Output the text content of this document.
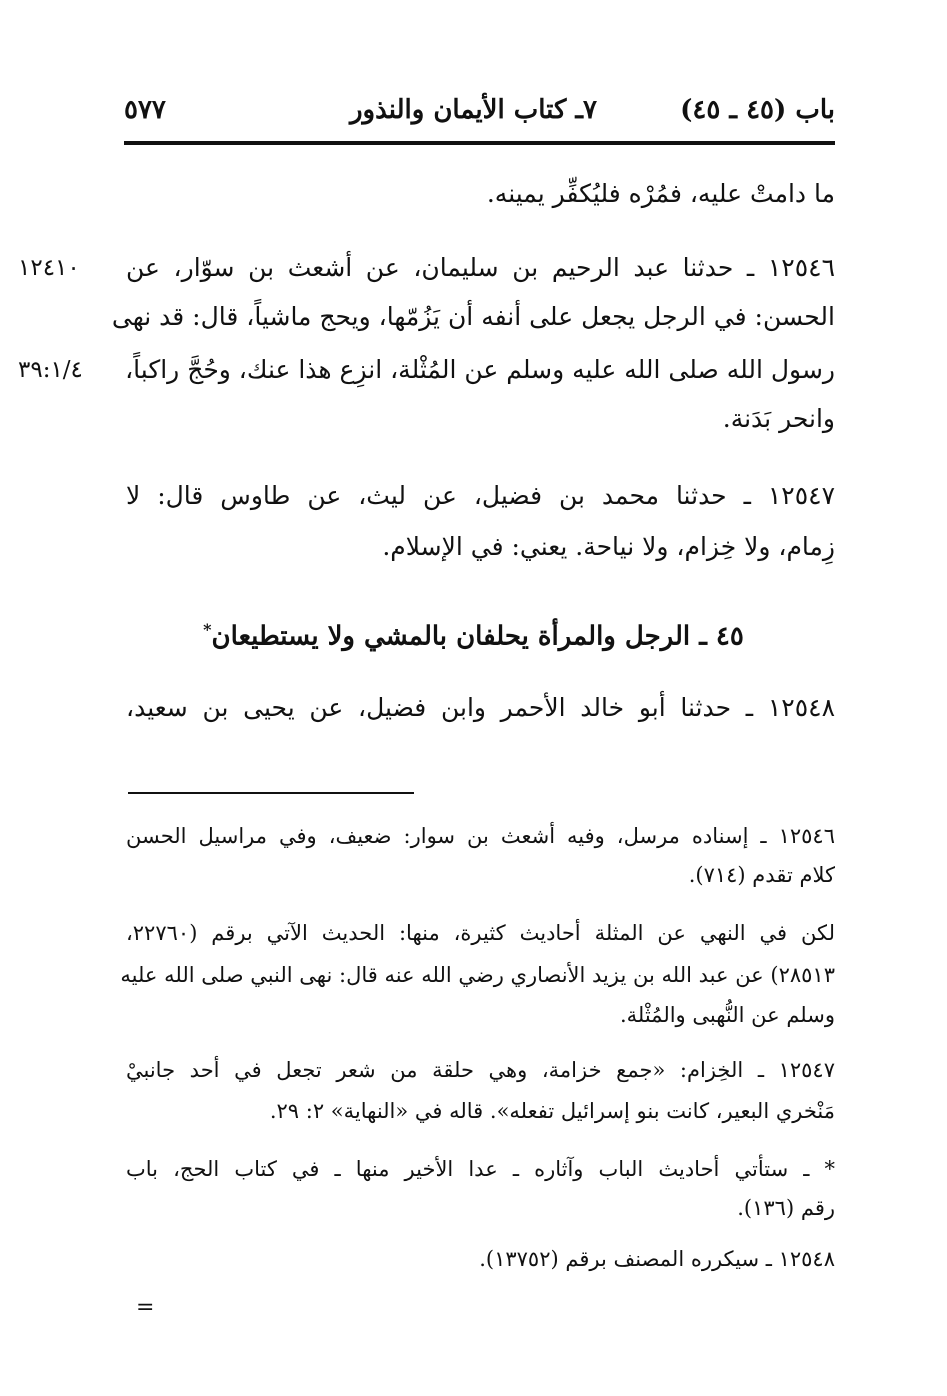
باب (٤٥ ـ ٤٥)
٧ـ كتاب الأيمان والنذور
٥٧٧
ما دامتْ عليه، فمُرْه فليُكفِّر يمينه.
١٢٥٤٦ ـ حدثنا عبد الرحيم بن سليمان، عن أشعث بن سوّار، عن
١٢٤١٠
الحسن: في الرجل يجعل على أنفه أن يَزُمّها، ويحج ماشياً، قال: قد نهى
رسول الله صلى الله عليه وسلم عن المُثْلة، انزِع هذا عنك، وحُجَّ راكباً،
٣٩:١/٤
وانحر بَدَنة.
١٢٥٤٧ ـ حدثنا محمد بن فضيل، عن ليث، عن طاوس قال: لا
زِمام، ولا خِزام، ولا نياحة. يعني: في الإسلام.
٤٥ ـ الرجل والمرأة يحلفان بالمشي ولا يستطيعان*
١٢٥٤٨ ـ حدثنا أبو خالد الأحمر وابن فضيل، عن يحيى بن سعيد،
١٢٥٤٦ ـ إسناده مرسل، وفيه أشعث بن سوار: ضعيف، وفي مراسيل الحسن
كلام تقدم (٧١٤).
لكن في النهي عن المثلة أحاديث كثيرة، منها: الحديث الآتي برقم (٢٢٧٦٠،
٢٨٥١٣) عن عبد الله بن يزيد الأنصاري رضي الله عنه قال: نهى النبي صلى الله عليه
وسلم عن النُّهبى والمُثْلة.
١٢٥٤٧ ـ الخِزام: «جمع خزامة، وهي حلقة من شعر تجعل في أحد جانبيْ
مَنْخري البعير، كانت بنو إسرائيل تفعله». قاله في «النهاية» ٢: ٢٩.
* ـ ستأتي أحاديث الباب وآثاره ـ عدا الأخير منها ـ في كتاب الحج، باب
رقم (١٣٦).
١٢٥٤٨ ـ سيكرره المصنف برقم (١٣٧٥٢).
=
